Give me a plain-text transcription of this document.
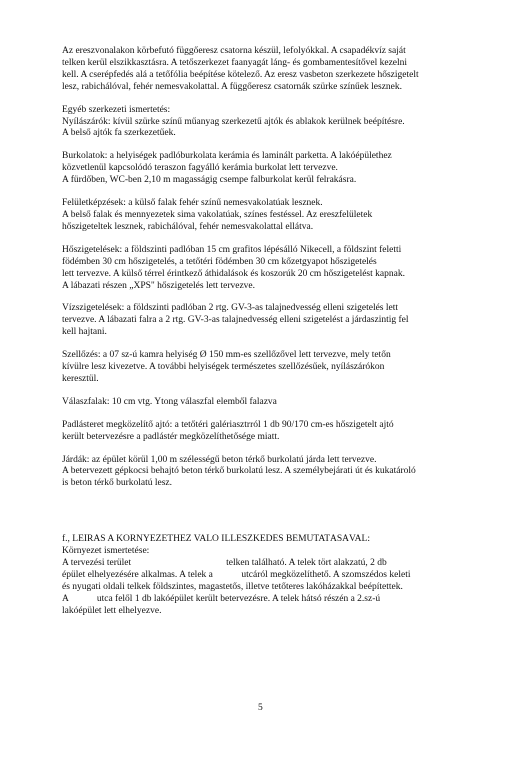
Az ereszvonalakon körbefutó függőeresz csatorna készül, lefolyókkal. A csapadékvíz saját
telken kerül elszikkasztásra. A tetőszerkezet faanyagát láng- és gombamentesítővel kezelni
kell. A cserépfedés alá a tetőfólia beépítése kötelező. Az eresz vasbeton szerkezete hőszigetelt
lesz, rabichálóval, fehér nemesvakolattal. A függőeresz csatornák szürke színűek lesznek.
Egyéb szerkezeti ismertetés:
Nyílászárók: kívül szürke színű műanyag szerkezetű ajtók és ablakok kerülnek beépítésre.
A belső ajtók fa szerkezetűek.
Burkolatok: a helyiségek padlóburkolata kerámia és laminált parketta. A lakóépülethez
közvetlenül kapcsolódó teraszon fagyálló kerámia burkolat lett tervezve.
A fürdőben, WC-ben 2,10 m magasságig csempe falburkolat kerül felrakásra.
Felületképzések: a külső falak fehér színű nemesvakolatúak lesznek.
A belső falak és mennyezetek sima vakolatúak, színes festéssel. Az ereszfelületek
hőszigeteltek lesznek, rabichálóval, fehér nemesvakolattal ellátva.
Hőszigetelések: a földszinti padlóban 15 cm grafitos lépésálló Nikecell, a földszint feletti
födémben 30 cm hőszigetelés, a tetőtéri födémben 30 cm kőzetgyapot hőszigetelés
lett tervezve. A külső térrel érintkező áthidalások és koszorúk 20 cm hőszigetelést kapnak.
A lábazati részen „XPS" hőszigetelés lett tervezve.
Vízszigetelések: a földszinti padlóban 2 rtg. GV-3-as talajnedvesség elleni szigetelés lett
tervezve. A lábazati falra a 2 rtg. GV-3-as talajnedvesség elleni szigetelést a járdaszintig fel
kell hajtani.
Szellőzés: a 07 sz-ú kamra helyiség Ø 150 mm-es szellőzővel lett tervezve, mely tetőn
kívülre lesz kivezetve. A további helyiségek természetes szellőzésűek, nyílászárókon
keresztül.
Válaszfalak: 10 cm vtg. Ytong válaszfal elemből falazva
Padlásteret megközelítő ajtó: a tetőtéri galériasztrról 1 db 90/170 cm-es hőszigetelt ajtó
került betervezésre a padlástér megközelíthetősége miatt.
Járdák: az épület körül 1,00 m szélességű beton térkő burkolatú járda lett tervezve.
A betervezett gépkocsi behajtó beton térkő burkolatú lesz. A személybejárati út és kukatároló
is beton térkő burkolatú lesz.
f., LEÍRÁS A KÖRNYEZETHEZ VALÓ ILLESZKEDÉS BEMUTATÁSÁVAL:
Környezet ismertetése:
A tervezési terület                                        telken található. A telek tört alakzatú, 2 db
épület elhelyezésére alkalmas. A telek a            utcáról megközelíthető. A szomszédos keleti
és nyugati oldali telkek földszintes, magastetős, illetve tetőteres lakóházakkal beépítettek.
A            utca felől 1 db lakóépület került betervezésre. A telek hátsó részén a 2.sz-ú
lakóépület lett elhelyezve.
5
